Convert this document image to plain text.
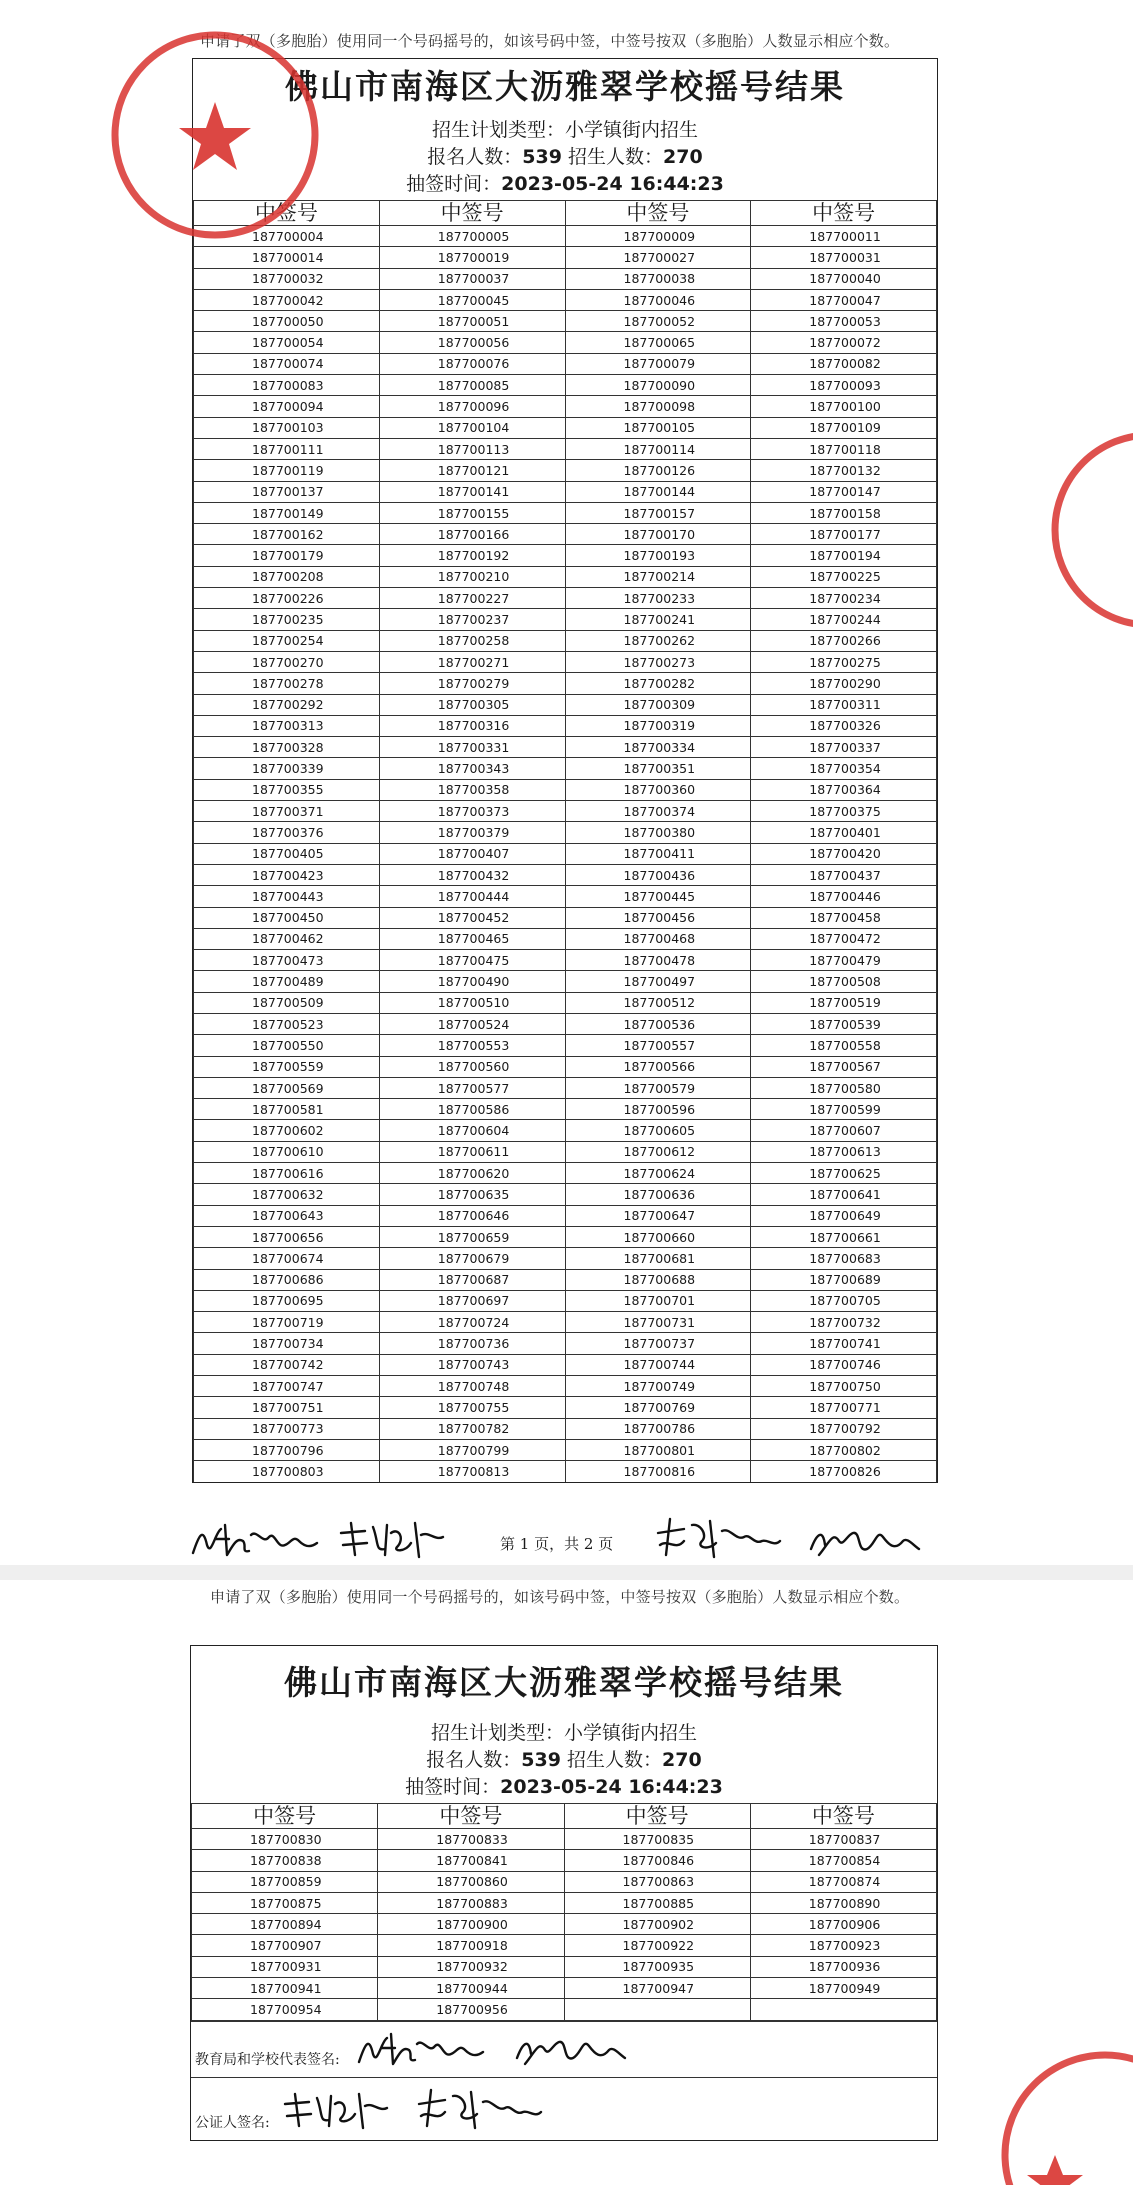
申请了双（多胞胎）使用同一个号码摇号的，如该号码中签，中签号按双（多胞胎）人数显示相应个数。
佛山市南海区大沥雅翠学校摇号结果
招生计划类型：小学镇街内招生
报名人数：539 招生人数：270
抽签时间：2023-05-24 16:44:23
中签号	中签号	中签号	中签号
187700004	187700005	187700009	187700011
187700014	187700019	187700027	187700031
187700032	187700037	187700038	187700040
187700042	187700045	187700046	187700047
187700050	187700051	187700052	187700053
187700054	187700056	187700065	187700072
187700074	187700076	187700079	187700082
187700083	187700085	187700090	187700093
187700094	187700096	187700098	187700100
187700103	187700104	187700105	187700109
187700111	187700113	187700114	187700118
187700119	187700121	187700126	187700132
187700137	187700141	187700144	187700147
187700149	187700155	187700157	187700158
187700162	187700166	187700170	187700177
187700179	187700192	187700193	187700194
187700208	187700210	187700214	187700225
187700226	187700227	187700233	187700234
187700235	187700237	187700241	187700244
187700254	187700258	187700262	187700266
187700270	187700271	187700273	187700275
187700278	187700279	187700282	187700290
187700292	187700305	187700309	187700311
187700313	187700316	187700319	187700326
187700328	187700331	187700334	187700337
187700339	187700343	187700351	187700354
187700355	187700358	187700360	187700364
187700371	187700373	187700374	187700375
187700376	187700379	187700380	187700401
187700405	187700407	187700411	187700420
187700423	187700432	187700436	187700437
187700443	187700444	187700445	187700446
187700450	187700452	187700456	187700458
187700462	187700465	187700468	187700472
187700473	187700475	187700478	187700479
187700489	187700490	187700497	187700508
187700509	187700510	187700512	187700519
187700523	187700524	187700536	187700539
187700550	187700553	187700557	187700558
187700559	187700560	187700566	187700567
187700569	187700577	187700579	187700580
187700581	187700586	187700596	187700599
187700602	187700604	187700605	187700607
187700610	187700611	187700612	187700613
187700616	187700620	187700624	187700625
187700632	187700635	187700636	187700641
187700643	187700646	187700647	187700649
187700656	187700659	187700660	187700661
187700674	187700679	187700681	187700683
187700686	187700687	187700688	187700689
187700695	187700697	187700701	187700705
187700719	187700724	187700731	187700732
187700734	187700736	187700737	187700741
187700742	187700743	187700744	187700746
187700747	187700748	187700749	187700750
187700751	187700755	187700769	187700771
187700773	187700782	187700786	187700792
187700796	187700799	187700801	187700802
187700803	187700813	187700816	187700826
第 1 页，共 2 页
申请了双（多胞胎）使用同一个号码摇号的，如该号码中签，中签号按双（多胞胎）人数显示相应个数。
佛山市南海区大沥雅翠学校摇号结果
招生计划类型：小学镇街内招生
报名人数：539 招生人数：270
抽签时间：2023-05-24 16:44:23
中签号	中签号	中签号	中签号
187700830	187700833	187700835	187700837
187700838	187700841	187700846	187700854
187700859	187700860	187700863	187700874
187700875	187700883	187700885	187700890
187700894	187700900	187700902	187700906
187700907	187700918	187700922	187700923
187700931	187700932	187700935	187700936
187700941	187700944	187700947	187700949
187700954	187700956		
教育局和学校代表签名:
公证人签名:
